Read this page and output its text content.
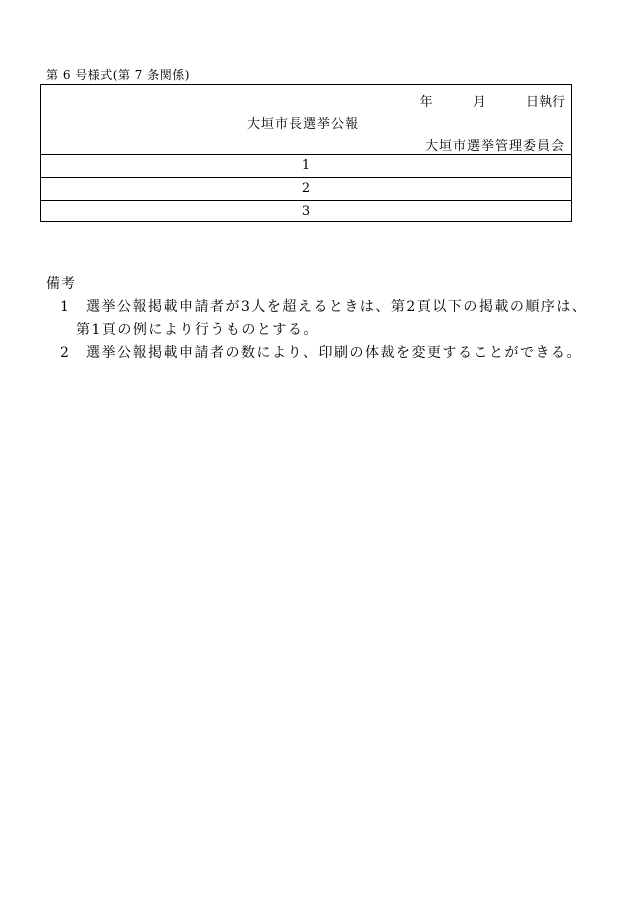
第 6 号様式(第 7 条関係)
年	月	日執行
大垣市長選挙公報
大垣市選挙管理委員会
1
2
3
備考
1 選挙公報掲載申請者が3人を超えるときは、第2頁以下の掲載の順序は、
第1頁の例により行うものとする。
2 選挙公報掲載申請者の数により、印刷の体裁を変更することができる。
